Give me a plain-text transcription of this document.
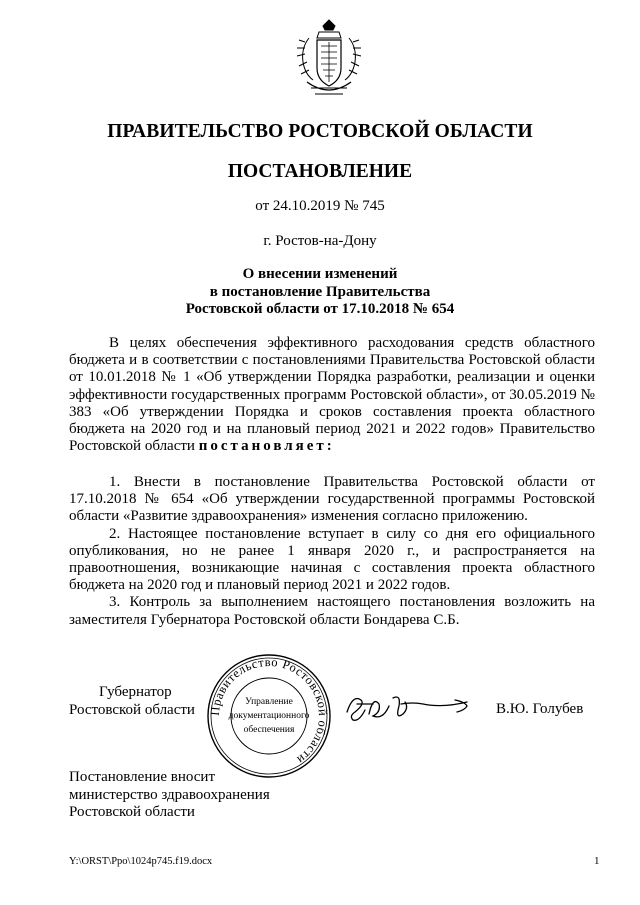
ПРАВИТЕЛЬСТВО РОСТОВСКОЙ ОБЛАСТИ
ПОСТАНОВЛЕНИЕ
от 24.10.2019 № 745
г. Ростов-на-Дону
О внесении изменений
в постановление Правительства
Ростовской области от 17.10.2018 № 654

В целях обеспечения эффективного расходования средств областного бюджета и в соответствии с постановлениями Правительства Ростовской области от 10.01.2018 № 1 «Об утверждении Порядка разработки, реализации и оценки эффективности государственных программ Ростовской области», от 30.05.2019 № 383 «Об утверждении Порядка и сроков составления проекта областного бюджета на 2020 год и на плановый период 2021 и 2022 годов» Правительство Ростовской области постановляет:

1. Внести в постановление Правительства Ростовской области от 17.10.2018 № 654 «Об утверждении государственной программы Ростовской области «Развитие здравоохранения» изменения согласно приложению.

2. Настоящее постановление вступает в силу со дня его официального опубликования, но не ранее 1 января 2020 г., и распространяется на правоотношения, возникающие начиная с составления проекта областного бюджета на 2020 год и плановый период 2021 и 2022 годов.

3. Контроль за выполнением настоящего постановления возложить на заместителя Губернатора Ростовской области Бондарева С.Б.

Губернатор
Ростовской области Правительство Ростовской области
Управление
документационного
обеспечения
В.Ю. Голубев
Постановление вносит
министерство здравоохранения
Ростовской области
Y:\ORST\Ppo\1024p745.f19.docx	1
